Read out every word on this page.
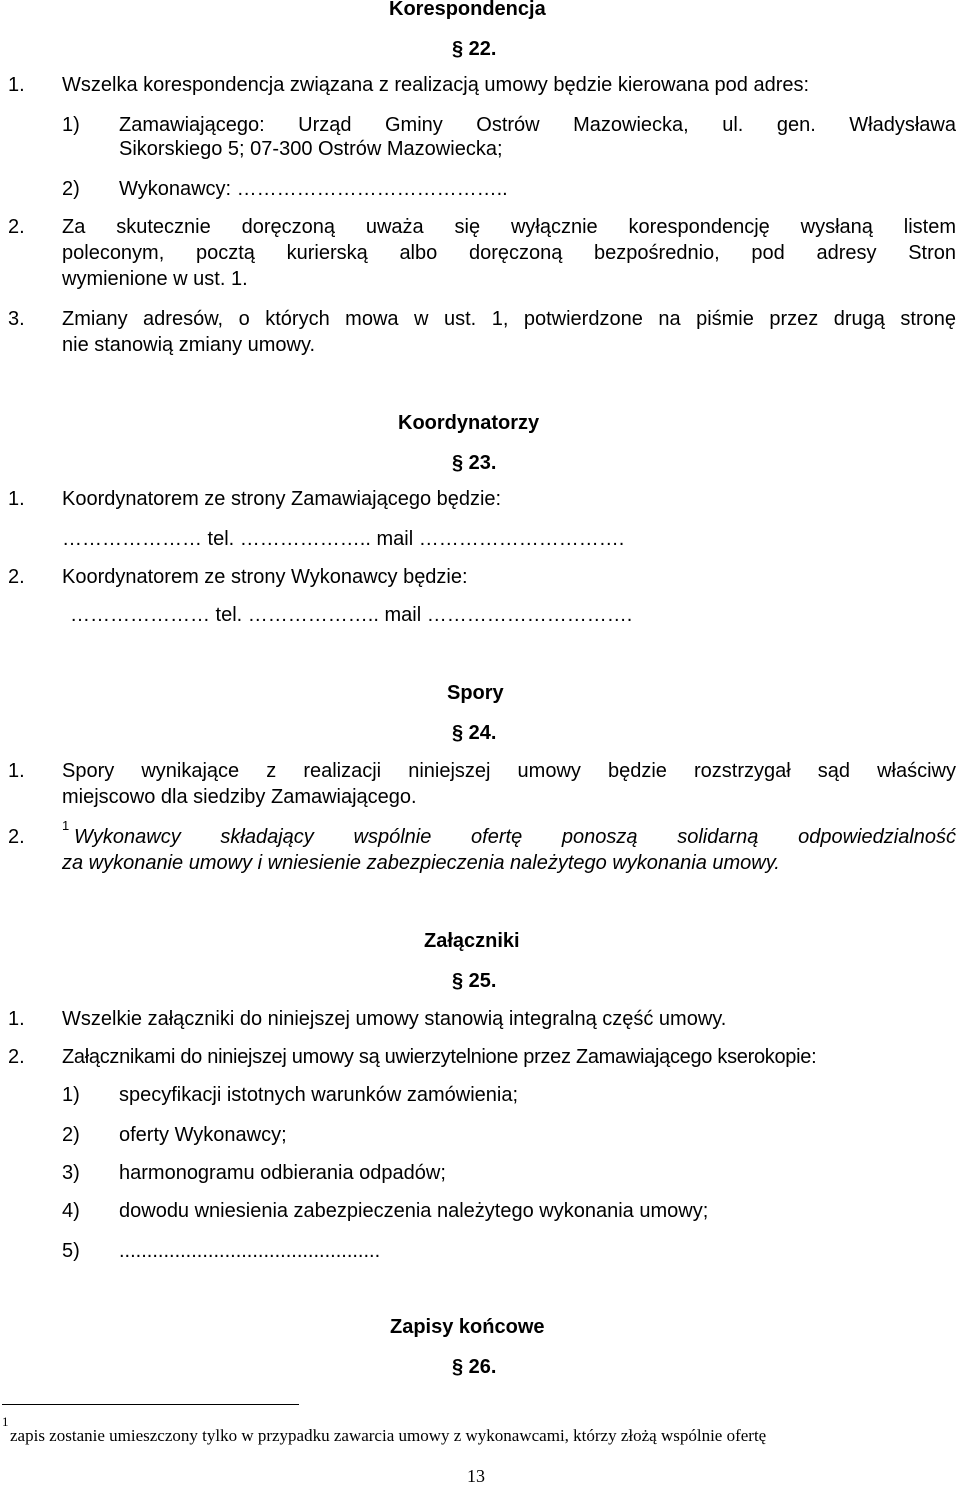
Korespondencja
§ 22.
1. Wszelka korespondencja związana z realizacją umowy będzie kierowana pod adres:
1) Zamawiającego: Urząd Gminy Ostrów Mazowiecka, ul. gen. Władysława
Sikorskiego 5; 07-300 Ostrów Mazowiecka;
2) Wykonawcy: …………………………………..
2. Za skutecznie doręczoną uważa się wyłącznie korespondencję wysłaną listem
poleconym, pocztą kurierską albo doręczoną bezpośrednio, pod adresy Stron
wymienione w ust. 1.
3. Zmiany adresów, o których mowa w ust. 1, potwierdzone na piśmie przez drugą stronę
nie stanowią zmiany umowy.
Koordynatorzy
§ 23.
1. Koordynatorem ze strony Zamawiającego będzie:
………………… tel. ……………….. mail ………………………….
2. Koordynatorem ze strony Wykonawcy będzie:
………………… tel. ……………….. mail ………………………….
Spory
§ 24.
1. Spory wynikające z realizacji niniejszej umowy będzie rozstrzygał sąd właściwy
miejscowo dla siedziby Zamawiającego.
2.
1
Wykonawcy składający wspólnie ofertę ponoszą solidarną odpowiedzialność
za wykonanie umowy i wniesienie zabezpieczenia należytego wykonania umowy.
Załączniki
§ 25.
1. Wszelkie załączniki do niniejszej umowy stanowią integralną część umowy.
2. Załącznikami do niniejszej umowy są uwierzytelnione przez Zamawiającego kserokopie:
1) specyfikacji istotnych warunków zamówienia;
2) oferty Wykonawcy;
3) harmonogramu odbierania odpadów;
4) dowodu wniesienia zabezpieczenia należytego wykonania umowy;
5) ...............................................
Zapisy końcowe
§ 26.
1
zapis zostanie umieszczony tylko w przypadku zawarcia umowy z wykonawcami, którzy złożą wspólnie ofertę
13
